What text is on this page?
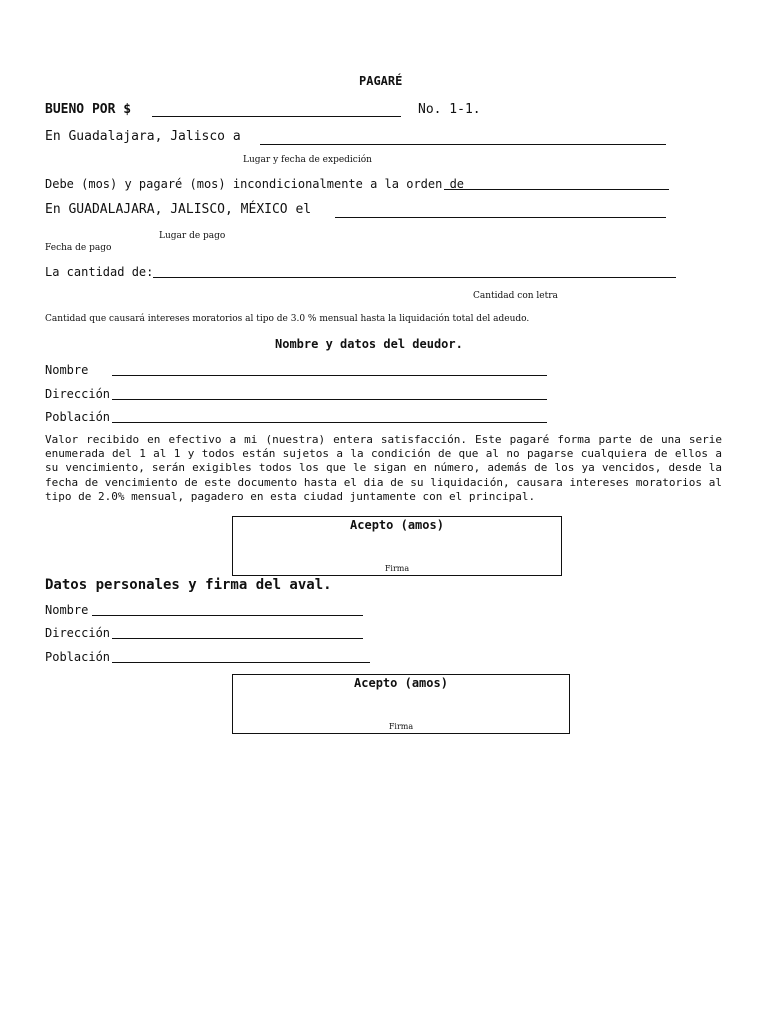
PAGARÉ
BUENO POR $	No. 1-1.
En Guadalajara, Jalisco a
Lugar y fecha de expedición
Debe (mos) y pagaré (mos) incondicionalmente a la orden de
En GUADALAJARA, JALISCO, MÉXICO el
Lugar de pago
Fecha de pago
La cantidad de:
Cantidad con letra
Cantidad que causará intereses moratorios al tipo de 3.0 % mensual hasta la liquidación total del adeudo.
Nombre y datos del deudor.
Nombre
Dirección
Población
Valor recibido en efectivo a mi (nuestra) entera satisfacción. Este pagaré forma parte de una serie enumerada del 1 al 1 y todos están sujetos a la condición de que al no pagarse cualquiera de ellos a su vencimiento, serán exigibles todos los que le sigan en número, además de los ya vencidos, desde la fecha de vencimiento de este documento hasta el dia de su liquidación, causara intereses moratorios al tipo de 2.0% mensual, pagadero en esta ciudad juntamente con el principal.
Acepto (amos)
Firma
Datos personales y firma del aval.
Nombre
Dirección
Población
Acepto (amos)
Firma
